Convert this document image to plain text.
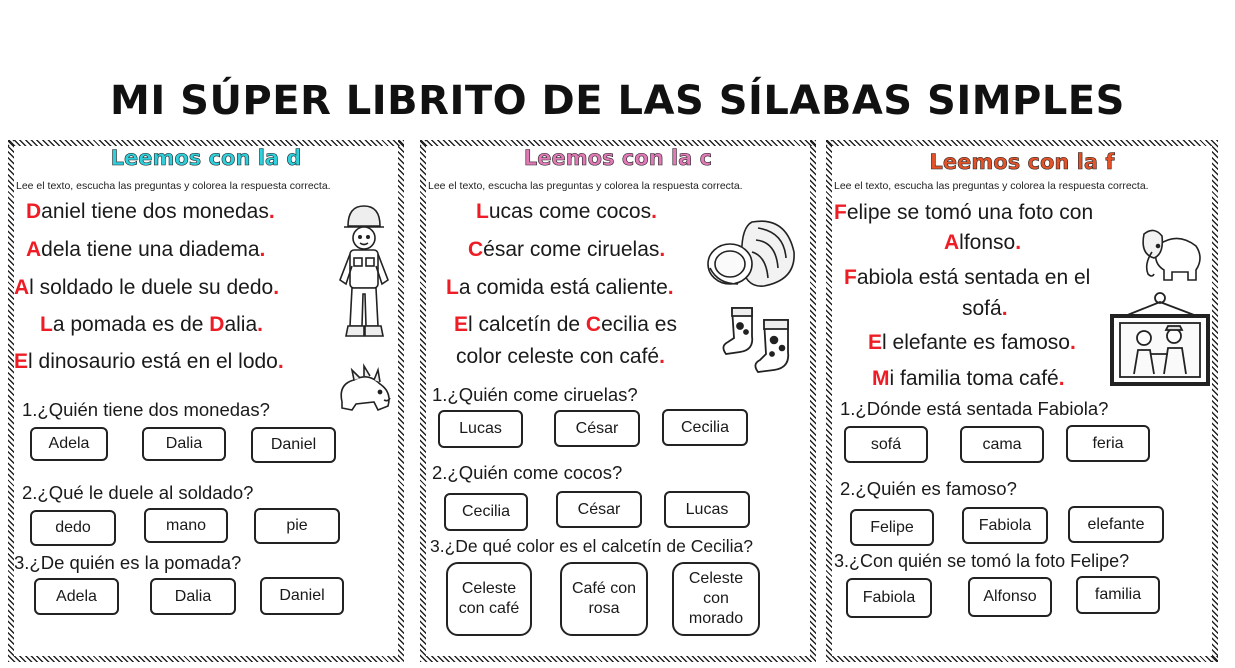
MI SÚPER LIBRITO DE LAS SÍLABAS SIMPLES
Leemos con la d
Lee el texto, escucha las preguntas y colorea la respuesta correcta.
Daniel tiene dos monedas.
Adela tiene una diadema.
Al soldado le duele su dedo.
La pomada es de Dalia.
El dinosaurio está en el lodo.
1.¿Quién tiene dos monedas?
Adela	Dalia	Daniel
2.¿Qué le duele al soldado?
dedo	mano	pie
3.¿De quién es la pomada?
Adela	Dalia	Daniel
Leemos con la c
Lee el texto, escucha las preguntas y colorea la respuesta correcta.
Lucas come cocos.
César come ciruelas.
La comida está caliente.
El calcetín de Cecilia es
color celeste con café.
1.¿Quién come ciruelas?
Lucas	César	Cecilia
2.¿Quién come cocos?
Cecilia	César	Lucas
3.¿De qué color es el calcetín de Cecilia?
Celeste con café
Café con rosa
Celeste con morado
Leemos con la f
Lee el texto, escucha las preguntas y colorea la respuesta correcta.
Felipe se tomó una foto con
Alfonso.
Fabiola está sentada en el
sofá.
El elefante es famoso.
Mi familia toma café.
1.¿Dónde está sentada Fabiola?
sofá	cama	feria
2.¿Quién es famoso?
Felipe	Fabiola	elefante
3.¿Con quién se tomó la foto Felipe?
Fabiola	Alfonso	familia
